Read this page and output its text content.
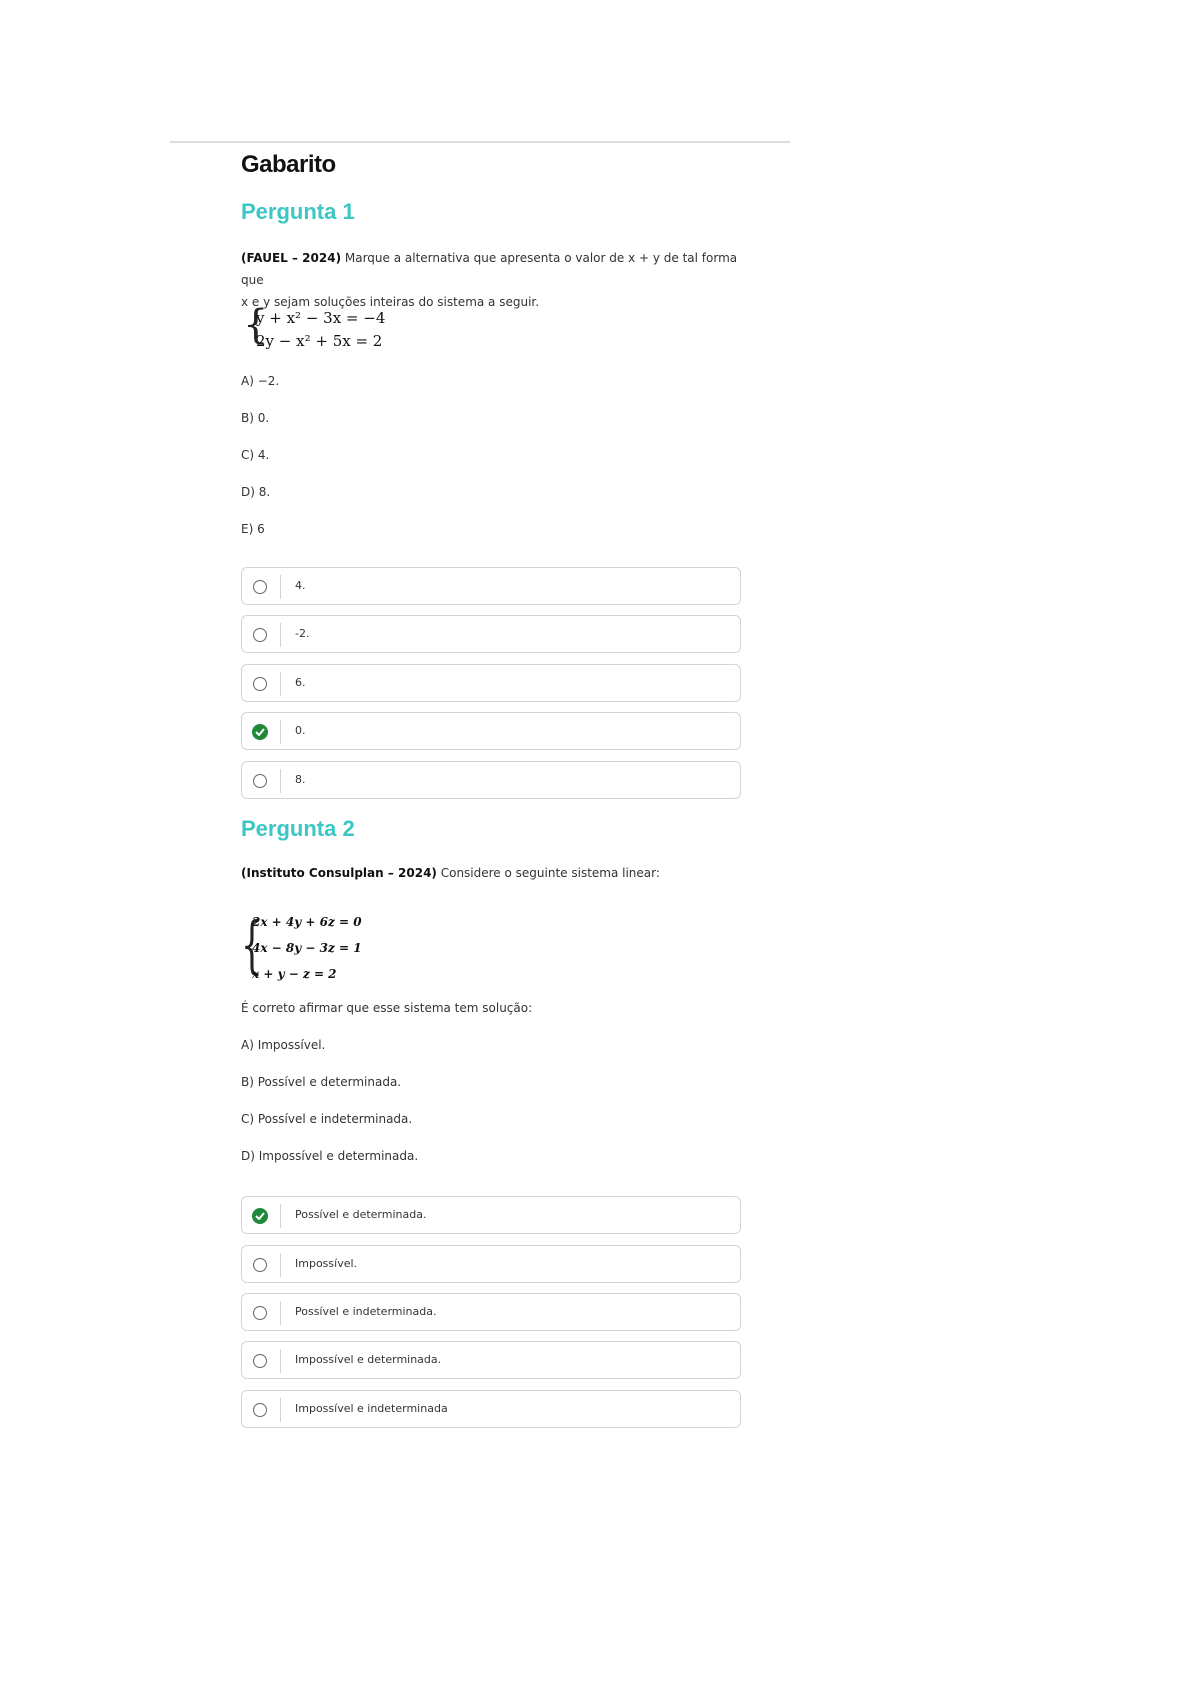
Gabarito
Pergunta 1
(FAUEL – 2024) Marque a alternativa que apresenta o valor de x + y de tal forma que
x e y sejam soluções inteiras do sistema a seguir.
{
y + x² − 3x = −4
2y − x² + 5x = 2
A) −2.
B) 0.
C) 4.
D) 8.
E) 6
4.
-2.
6.
0.
8.
Pergunta 2
(Instituto Consulplan – 2024) Considere o seguinte sistema linear:
{
2x + 4y + 6z = 0
4x − 8y − 3z = 1
x + y − z = 2
É correto afirmar que esse sistema tem solução:
A) Impossível.
B) Possível e determinada.
C) Possível e indeterminada.
D) Impossível e determinada.
Possível e determinada.
Impossível.
Possível e indeterminada.
Impossível e determinada.
Impossível e indeterminada
